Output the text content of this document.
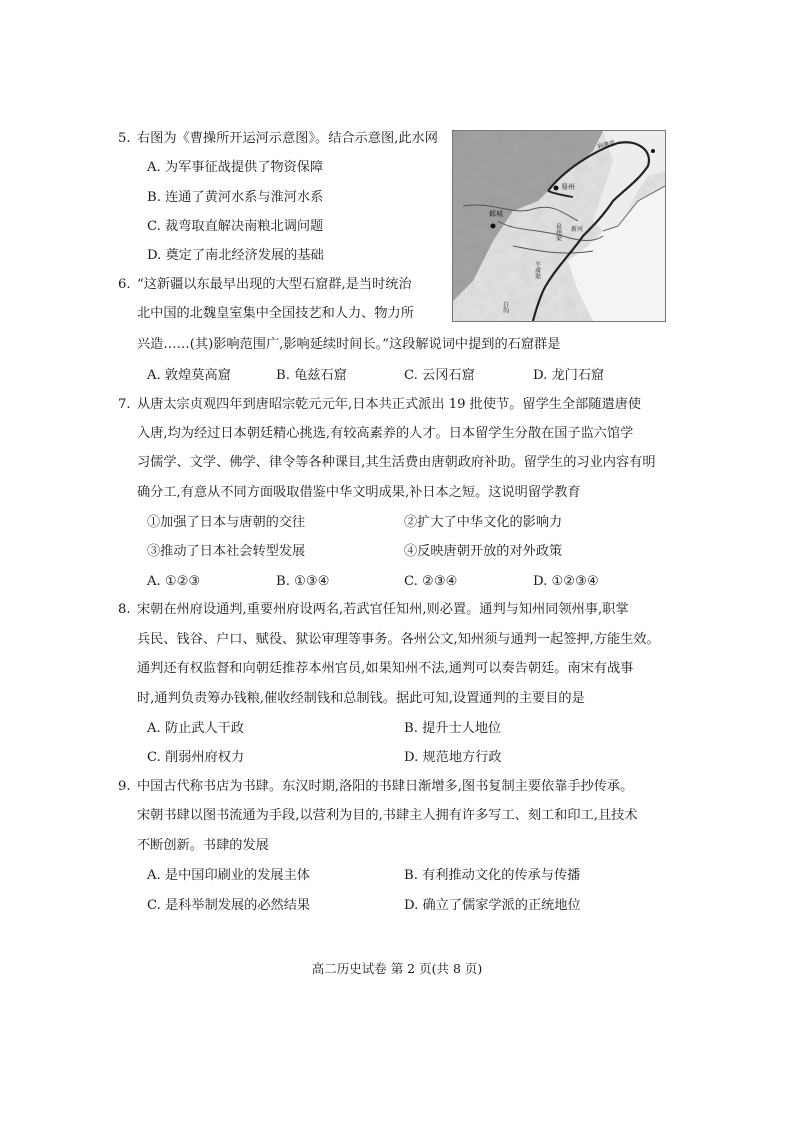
5. 右图为《曹操所开运河示意图》。结合示意图,此水网
A. 为军事征战提供了物资保障
B. 连通了黄河水系与淮河水系
C. 裁弯取直解决南粮北调问题
D. 奠定了南北经济发展的基础
邺城
易州
利漕渠
泉州渠 新河
平虏渠
白沟
6. “这新疆以东最早出现的大型石窟群,是当时统治
北中国的北魏皇室集中全国技艺和人力、物力所
兴造……(其)影响范围广,影响延续时间长。”这段解说词中提到的石窟群是
A. 敦煌莫高窟	B. 龟兹石窟	C. 云冈石窟	D. 龙门石窟
7. 从唐太宗贞观四年到唐昭宗乾元元年,日本共正式派出 19 批使节。留学生全部随遣唐使
入唐,均为经过日本朝廷精心挑选,有较高素养的人才。日本留学生分散在国子监六馆学
习儒学、文学、佛学、律令等各种课目,其生活费由唐朝政府补助。留学生的习业内容有明
确分工,有意从不同方面吸取借鉴中华文明成果,补日本之短。这说明留学教育
①加强了日本与唐朝的交往	②扩大了中华文化的影响力
③推动了日本社会转型发展	④反映唐朝开放的对外政策
A. ①②③	B. ①③④	C. ②③④	D. ①②③④
8. 宋朝在州府设通判,重要州府设两名,若武官任知州,则必置。通判与知州同领州事,职掌
兵民、钱谷、户口、赋役、狱讼审理等事务。各州公文,知州须与通判一起签押,方能生效。
通判还有权监督和向朝廷推荐本州官员,如果知州不法,通判可以奏告朝廷。南宋有战事
时,通判负责筹办钱粮,催收经制钱和总制钱。据此可知,设置通判的主要目的是
A. 防止武人干政	B. 提升士人地位
C. 削弱州府权力	D. 规范地方行政
9. 中国古代称书店为书肆。东汉时期,洛阳的书肆日渐增多,图书复制主要依靠手抄传承。
宋朝书肆以图书流通为手段,以营利为目的,书肆主人拥有许多写工、刻工和印工,且技术
不断创新。书肆的发展
A. 是中国印刷业的发展主体	B. 有利推动文化的传承与传播
C. 是科举制发展的必然结果	D. 确立了儒家学派的正统地位
高二历史试卷 第 2 页(共 8 页)
